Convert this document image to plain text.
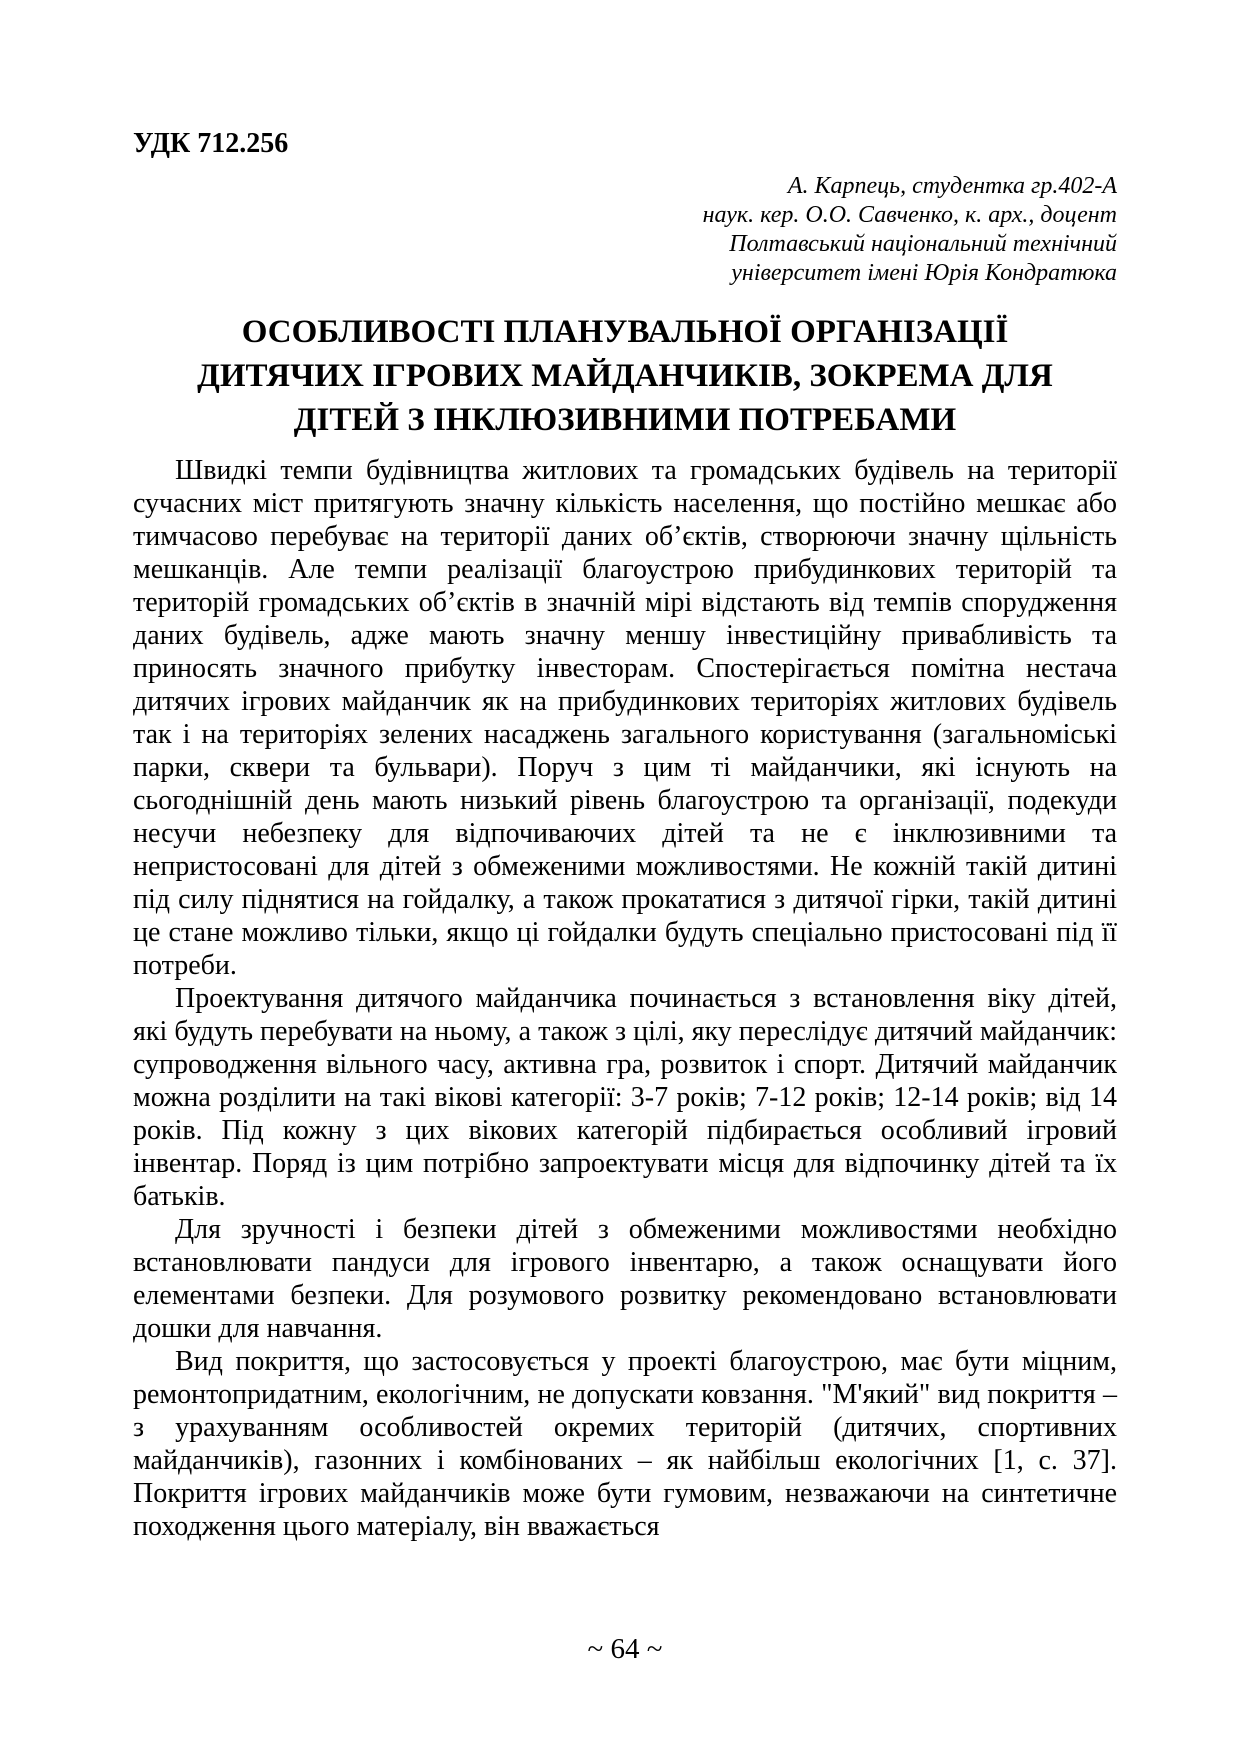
УДК 712.256
А. Карпець, студентка гр.402-А
наук. кер. О.О. Савченко, к. арх., доцент
Полтавський національний технічний
університет імені Юрія Кондратюка
ОСОБЛИВОСТІ ПЛАНУВАЛЬНОЇ ОРГАНІЗАЦІЇ
ДИТЯЧИХ ІГРОВИХ МАЙДАНЧИКІВ, ЗОКРЕМА ДЛЯ
ДІТЕЙ З ІНКЛЮЗИВНИМИ ПОТРЕБАМИ

Швидкі темпи будівництва житлових та громадських будівель на території сучасних міст притягують значну кількість населення, що постійно мешкає або тимчасово перебуває на території даних об’єктів, створюючи значну щільність мешканців. Але темпи реалізації благоустрою прибудинкових територій та територій громадських об’єктів в значній мірі відстають від темпів спорудження даних будівель, адже мають значну меншу інвестиційну привабливість та приносять значного прибутку інвесторам. Спостерігається помітна нестача дитячих ігрових майданчик як на прибудинкових територіях житлових будівель так і на територіях зелених насаджень загального користування (загальноміські парки, сквери та бульвари). Поруч з цим ті майданчики, які існують на сьогоднішній день мають низький рівень благоустрою та організації, подекуди несучи небезпеку для відпочиваючих дітей та не є інклюзивними та непристосовані для дітей з обмеженими можливостями. Не кожній такій дитині під силу піднятися на гойдалку, а також прокататися з дитячої гірки, такій дитині це стане можливо тільки, якщо ці гойдалки будуть спеціально пристосовані під її потреби.

Проектування дитячого майданчика починається з встановлення віку дітей, які будуть перебувати на ньому, а також з цілі, яку переслідує дитячий майданчик: супроводження вільного часу, активна гра, розвиток і спорт. Дитячий майданчик можна розділити на такі вікові категорії: 3-7 років; 7-12 років; 12-14 років; від 14 років. Під кожну з цих вікових категорій підбирається особливий ігровий інвентар. Поряд із цим потрібно запроектувати місця для відпочинку дітей та їх батьків.

Для зручності і безпеки дітей з обмеженими можливостями необхідно встановлювати пандуси для ігрового інвентарю, а також оснащувати його елементами безпеки. Для розумового розвитку рекомендовано встановлювати дошки для навчання.

Вид покриття, що застосовується у проекті благоустрою, має бути міцним, ремонтопридатним, екологічним, не допускати ковзання. "М'який" вид покриття – з урахуванням особливостей окремих територій (дитячих, спортивних майданчиків), газонних і комбінованих – як найбільш екологічних [1, с. 37]. Покриття ігрових майданчиків може бути гумовим, незважаючи на синтетичне походження цього матеріалу, він вважається

~ 64 ~
